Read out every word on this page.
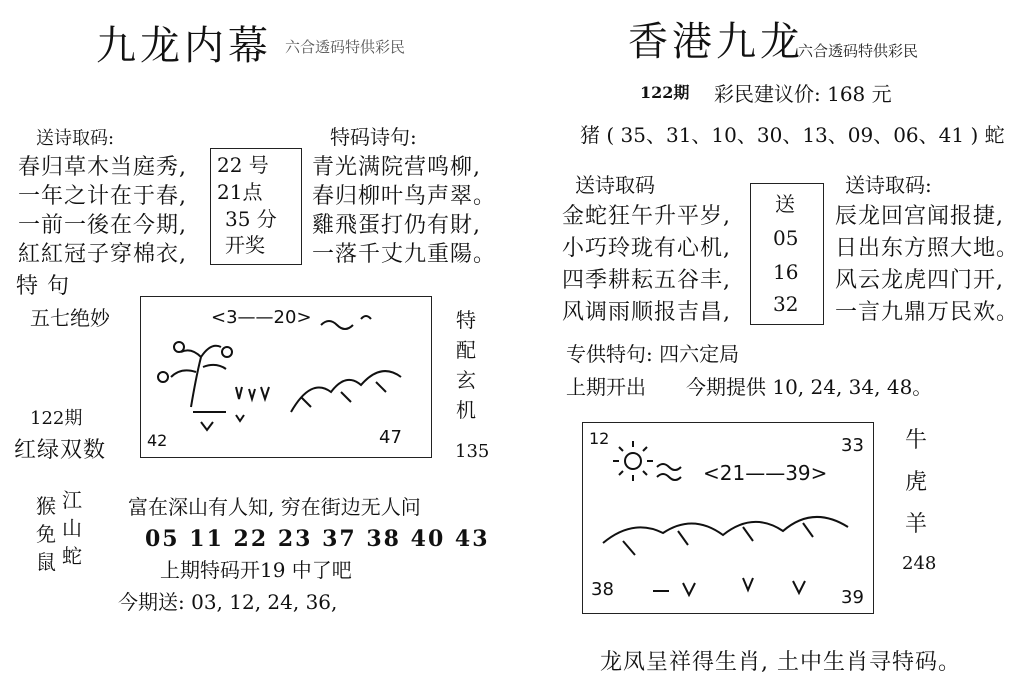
九龙内幕 六合透码特供彩民
送诗取码:	特码诗句:
春归草木当庭秀,
一年之计在于春,
一前一後在今期,
紅紅冠子穿棉衣,
22 号
21点
35 分
开奖
青光满院营鸣柳,
春归柳叶鸟声翠。
雞飛蛋打仍有財,
一落千丈九重陽。
特 句
五七绝妙
122期
红绿双数
<3——20>
42	47
特
配
玄
机
135
猴
免
鼠
江
山
蛇
富在深山有人知, 穷在街边无人问
05 11 22 23 37 38 40 43
上期特码开19 中了吧
今期送: 03, 12, 24, 36,
香港九龙
六合透码特供彩民
122期 彩民建议价: 168 元
猪 ( 35、31、10、30、13、09、06、41 ) 蛇
送诗取码	送诗取码:
金蛇狂午升平岁,
小巧玲珑有心机,
四季耕耘五谷丰,
风调雨顺报吉昌,
送
05
16
32
辰龙回宫闻报捷,
日出东方照大地。
风云龙虎四门开,
一言九鼎万民欢。
专供特句: 四六定局
上期开出 今期提供 10, 24, 34, 48。
12	33
<21——39>
38	39
牛
虎
羊
248
龙凤呈祥得生肖, 土中生肖寻特码。
